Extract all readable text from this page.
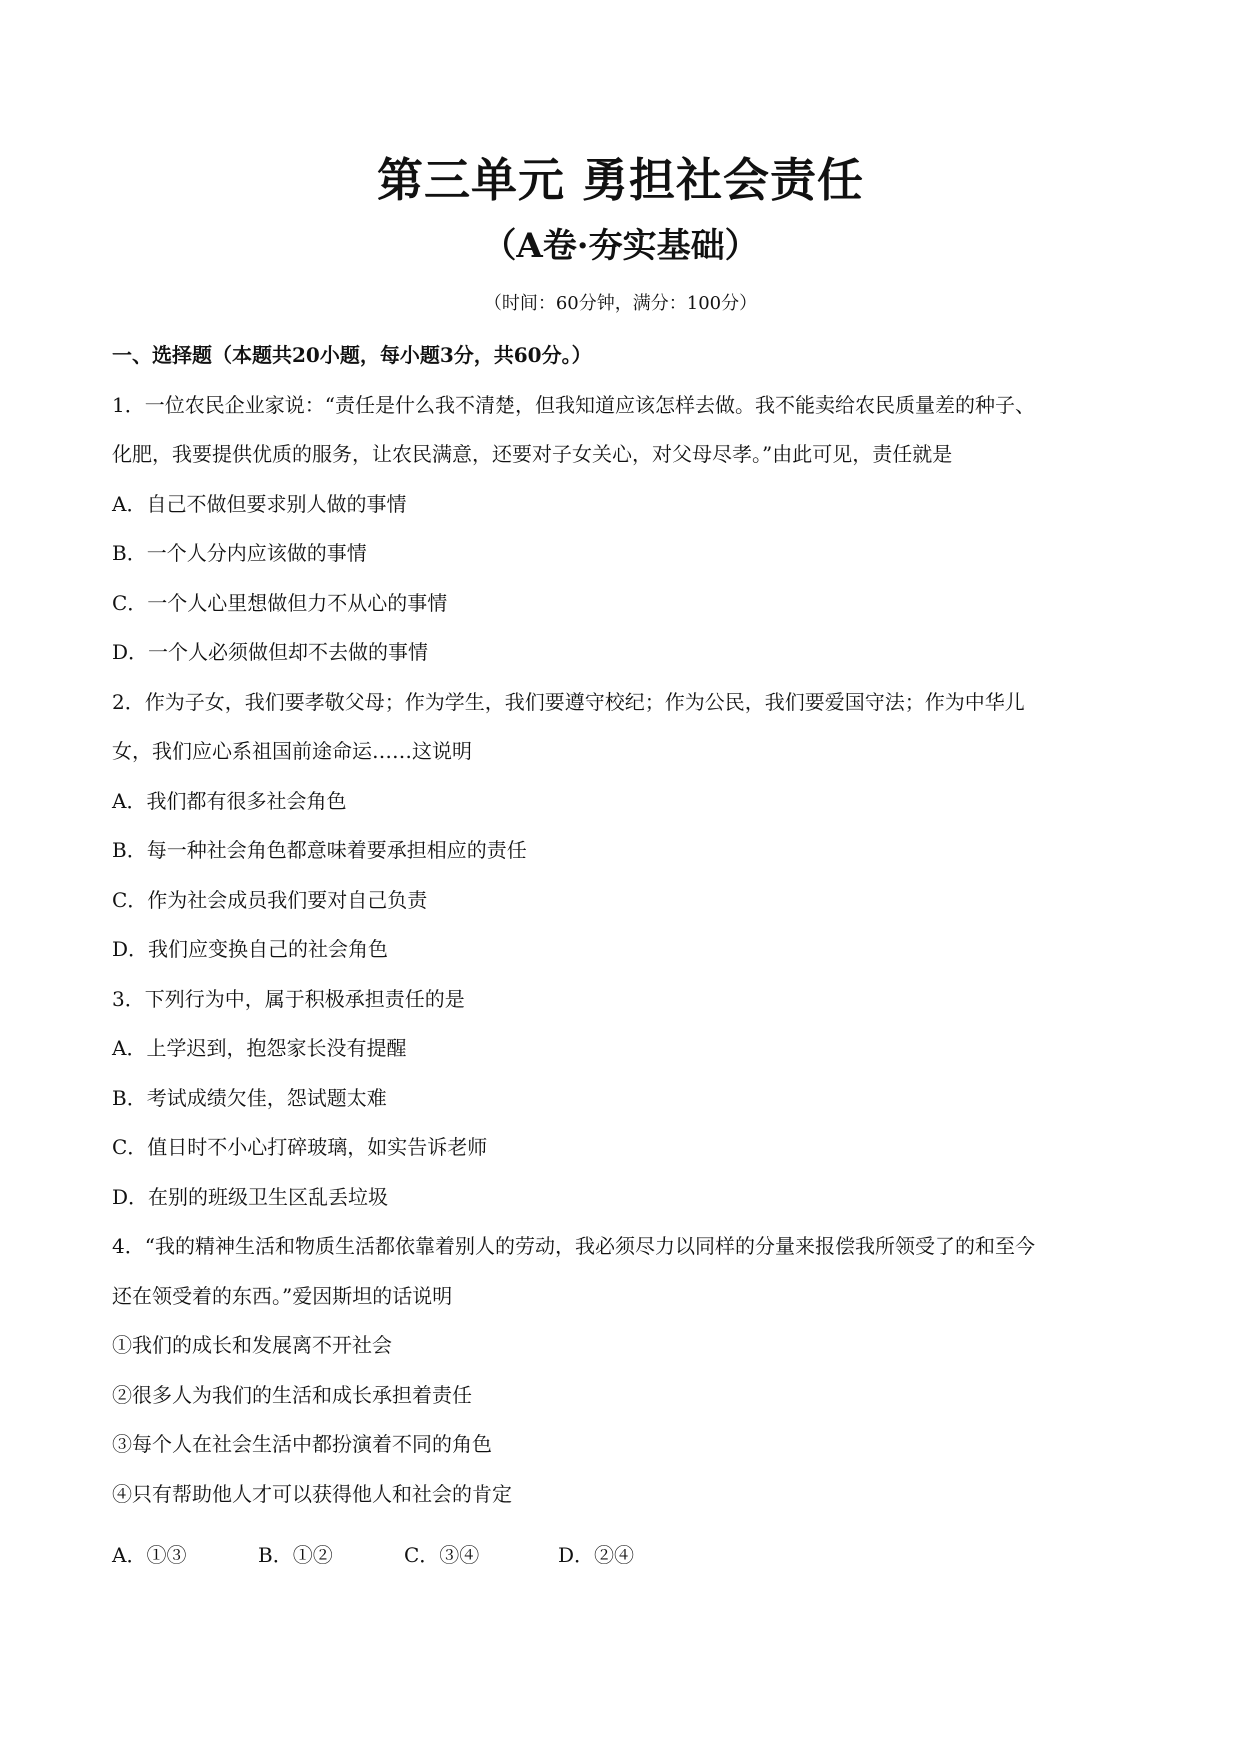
第三单元 勇担社会责任
（A卷·夯实基础）
（时间：60分钟，满分：100分）
一、选择题（本题共20小题，每小题3分，共60分。）
1．一位农民企业家说：“责任是什么我不清楚，但我知道应该怎样去做。我不能卖给农民质量差的种子、
化肥，我要提供优质的服务，让农民满意，还要对子女关心，对父母尽孝。”由此可见，责任就是
A．自己不做但要求别人做的事情
B．一个人分内应该做的事情
C．一个人心里想做但力不从心的事情
D．一个人必须做但却不去做的事情
2．作为子女，我们要孝敬父母；作为学生，我们要遵守校纪；作为公民，我们要爱国守法；作为中华儿
女，我们应心系祖国前途命运……这说明
A．我们都有很多社会角色
B．每一种社会角色都意味着要承担相应的责任
C．作为社会成员我们要对自己负责
D．我们应变换自己的社会角色
3．下列行为中，属于积极承担责任的是
A．上学迟到，抱怨家长没有提醒
B．考试成绩欠佳，怨试题太难
C．值日时不小心打碎玻璃，如实告诉老师
D．在别的班级卫生区乱丢垃圾
4．“我的精神生活和物质生活都依靠着别人的劳动，我必须尽力以同样的分量来报偿我所领受了的和至今
还在领受着的东西。”爱因斯坦的话说明
①我们的成长和发展离不开社会
②很多人为我们的生活和成长承担着责任
③每个人在社会生活中都扮演着不同的角色
④只有帮助他人才可以获得他人和社会的肯定
A．①③	B．①②	C．③④	D．②④
